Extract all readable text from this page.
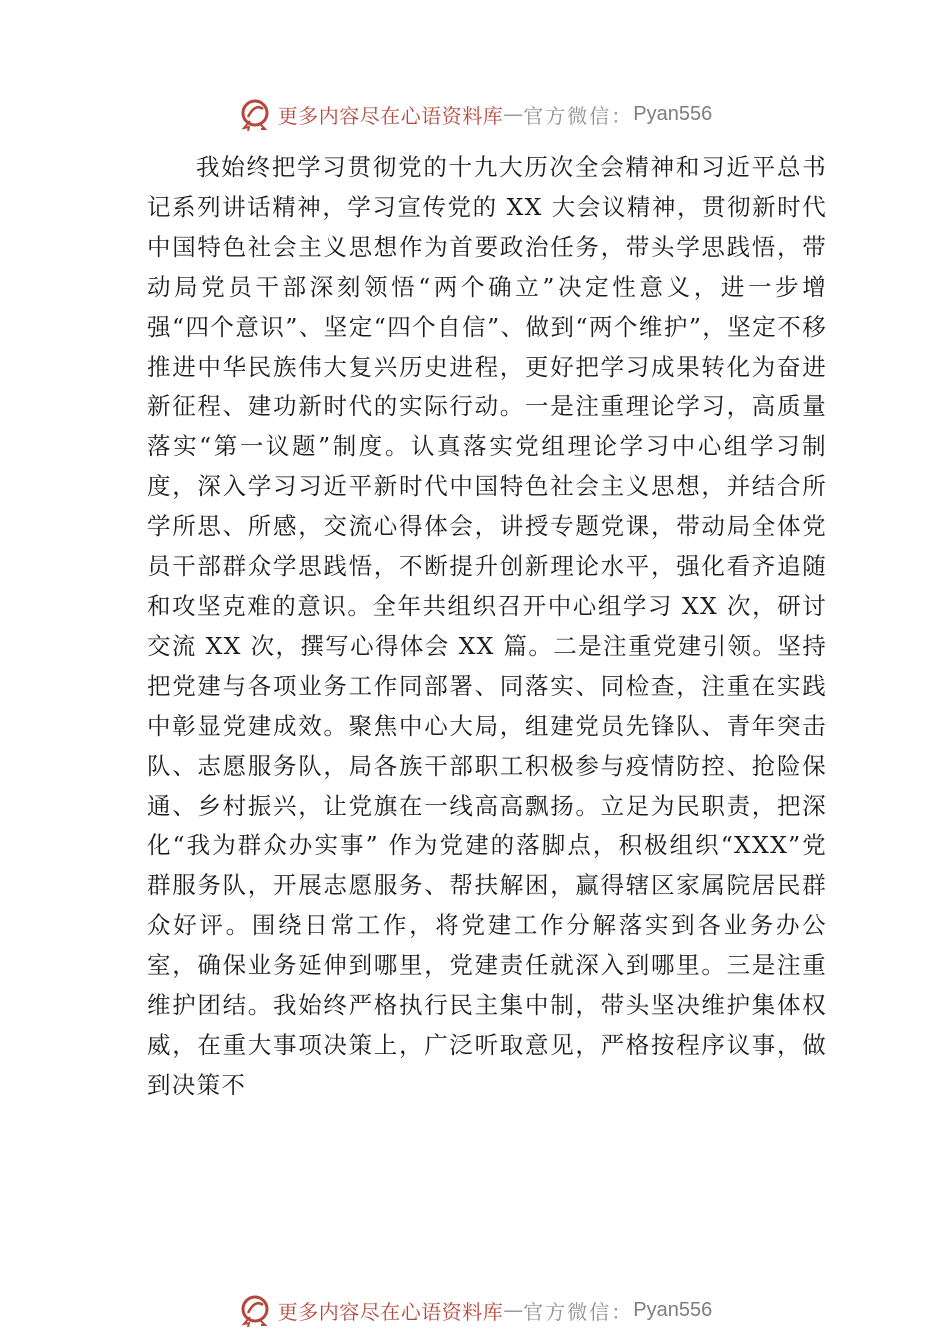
更多内容尽在心语资料库 — 官方微信： Pyan556

我始终把学习贯彻党的十九大历次全会精神和习近平总书记系列讲话精神，学习宣传党的 XX 大会议精神，贯彻新时代中国特色社会主义思想作为首要政治任务，带头学思践悟，带动局党员干部深刻领悟“两个确立”决定性意义，进一步增强“四个意识”、坚定“四个自信”、做到“两个维护”，坚定不移推进中华民族伟大复兴历史进程，更好把学习成果转化为奋进新征程、建功新时代的实际行动。一是注重理论学习，高质量落实“第一议题”制度。认真落实党组理论学习中心组学习制度，深入学习习近平新时代中国特色社会主义思想，并结合所学所思、所感，交流心得体会，讲授专题党课，带动局全体党员干部群众学思践悟，不断提升创新理论水平，强化看齐追随和攻坚克难的意识。全年共组织召开中心组学习 XX 次，研讨交流 XX 次，撰写心得体会 XX 篇。二是注重党建引领。坚持把党建与各项业务工作同部署、同落实、同检查，注重在实践中彰显党建成效。聚焦中心大局，组建党员先锋队、青年突击队、志愿服务队，局各族干部职工积极参与疫情防控、抢险保通、乡村振兴，让党旗在一线高高飘扬。立足为民职责，把深化“我为群众办实事” 作为党建的落脚点，积极组织“XXX”党群服务队，开展志愿服务、帮扶解困，赢得辖区家属院居民群众好评。围绕日常工作，将党建工作分解落实到各业务办公室，确保业务延伸到哪里，党建责任就深入到哪里。三是注重维护团结。我始终严格执行民主集中制，带头坚决维护集体权威，在重大事项决策上，广泛听取意见，严格按程序议事，做到决策不

更多内容尽在心语资料库 — 官方微信： Pyan556
